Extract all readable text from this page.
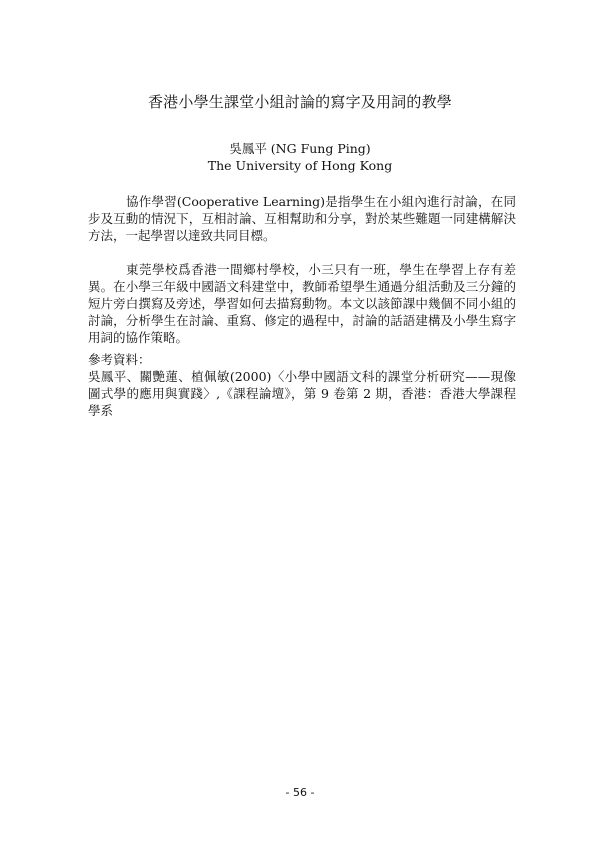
香港小學生課堂小組討論的寫字及用詞的教學
吳鳳平 (NG Fung Ping)
The University of Hong Kong
協作學習(Cooperative Learning)是指學生在小組內進行討論，在同步及互動的情況下，互相討論、互相幫助和分享，對於某些難題一同建構解決方法，一起學習以達致共同目標。
東莞學校爲香港一間鄉村學校，小三只有一班，學生在學習上存有差異。在小學三年級中國語文科建堂中，教師希望學生通過分組活動及三分鐘的短片旁白撰寫及旁述，學習如何去描寫動物。本文以該節課中幾個不同小組的討論，分析學生在討論、重寫、修定的過程中，討論的話語建構及小學生寫字用詞的協作策略。
參考資料：
吳鳳平、關艷蓮、植佩敏(2000)〈小學中國語文科的課堂分析研究——現像圖式學的應用與實踐〉,《課程論壇》，第 9 卷第 2 期，香港：香港大學課程學系
- 56 -
